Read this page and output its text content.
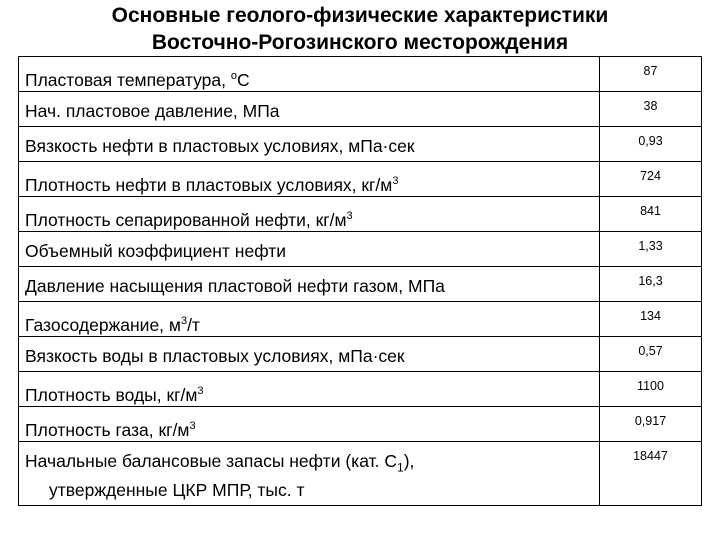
Основные геолого-физические характеристики
Восточно-Рогозинского месторождения
Пластовая температура, $^о$С	87
Нач. пластовое давление, МПа	38
Вязкость нефти в пластовых условиях, мПа·сек	0,93
Плотность нефти в пластовых условиях, $кг/м^3$	724
Плотность сепарированной нефти, $кг/м^3$	841
Объемный коэффициент нефти	1,33
Давление насыщения пластовой нефти газом, МПа	16,3
Газосодержание, $м^3/т$	134
Вязкость воды в пластовых условиях, мПа·сек	0,57
Плотность воды, $кг/м^3$	1100
Плотность газа, $кг/м^3$	0,917
Начальные балансовые запасы нефти (кат. $С_1$),
утвержденные ЦКР МПР, тыс. т	18447
